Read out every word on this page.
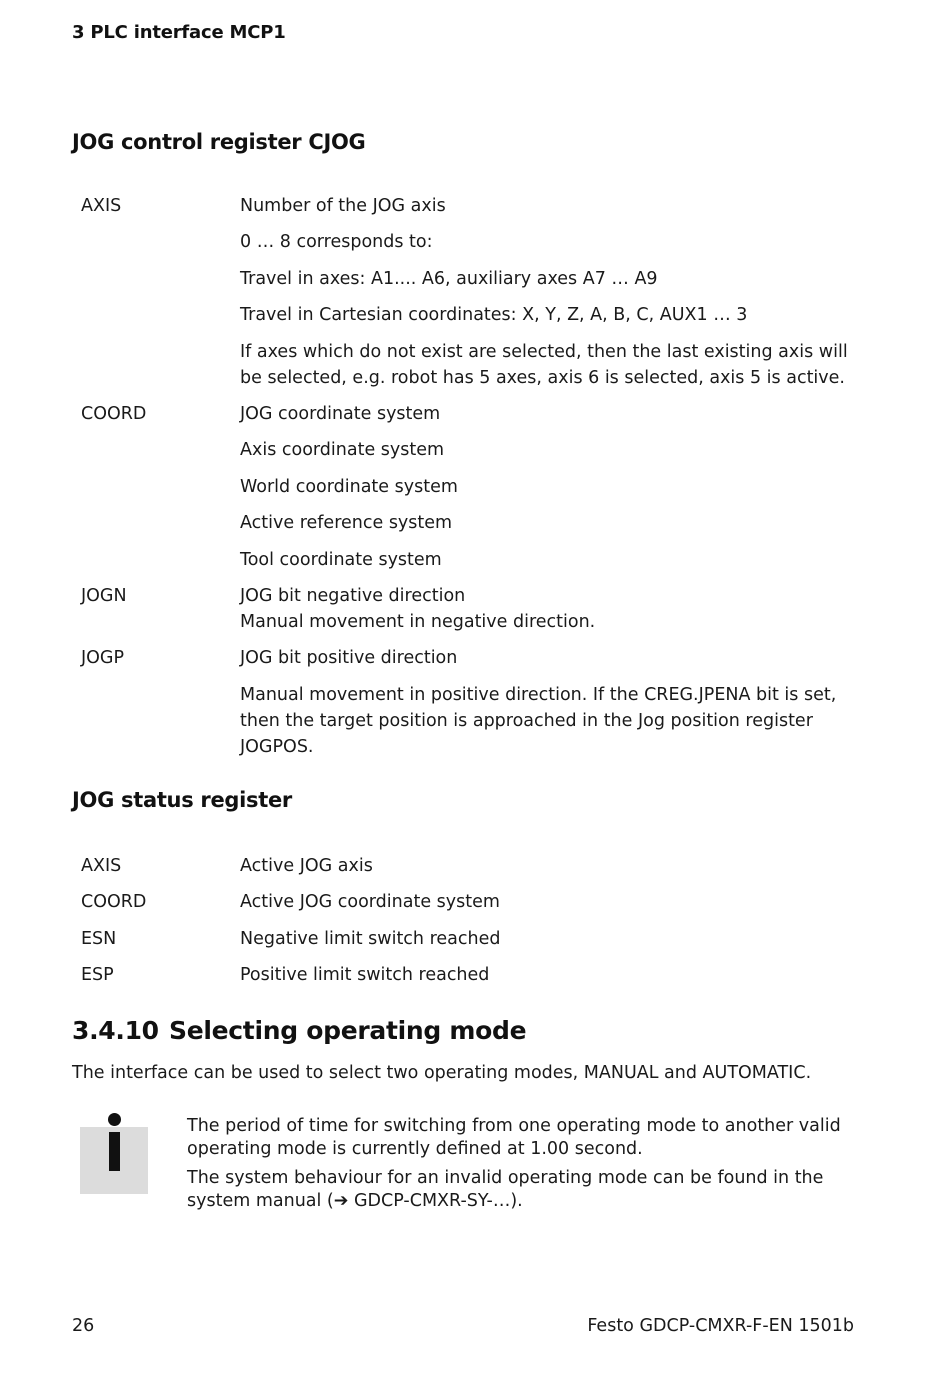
3 PLC interface MCP1
JOG control register CJOG
AXIS	Number of the JOG axis
0 … 8 corresponds to:
Travel in axes: A1.... A6, auxiliary axes A7 … A9
Travel in Cartesian coordinates: X, Y, Z, A, B, C, AUX1 … 3
If axes which do not exist are selected, then the last existing axis will be selected, e.g. robot has 5 axes, axis 6 is selected, axis 5 is active.
COORD	JOG coordinate system
Axis coordinate system
World coordinate system
Active reference system
Tool coordinate system
JOGN	JOG bit negative direction
Manual movement in negative direction.
JOGP	JOG bit positive direction
Manual movement in positive direction. If the CREG.JPENA bit is set, then the target position is approached in the Jog position register JOGPOS.
JOG status register
AXIS	Active JOG axis
COORD	Active JOG coordinate system
ESN	Negative limit switch reached
ESP	Positive limit switch reached
3.4.10 Selecting operating mode
The interface can be used to select two operating modes, MANUAL and AUTOMATIC.
The period of time for switching from one operating mode to another valid operating mode is currently defined at 1.00 second.
The system behaviour for an invalid operating mode can be found in the system manual (➔ GDCP-CMXR-SY-…).
26	Festo GDCP-CMXR-F-EN 1501b
